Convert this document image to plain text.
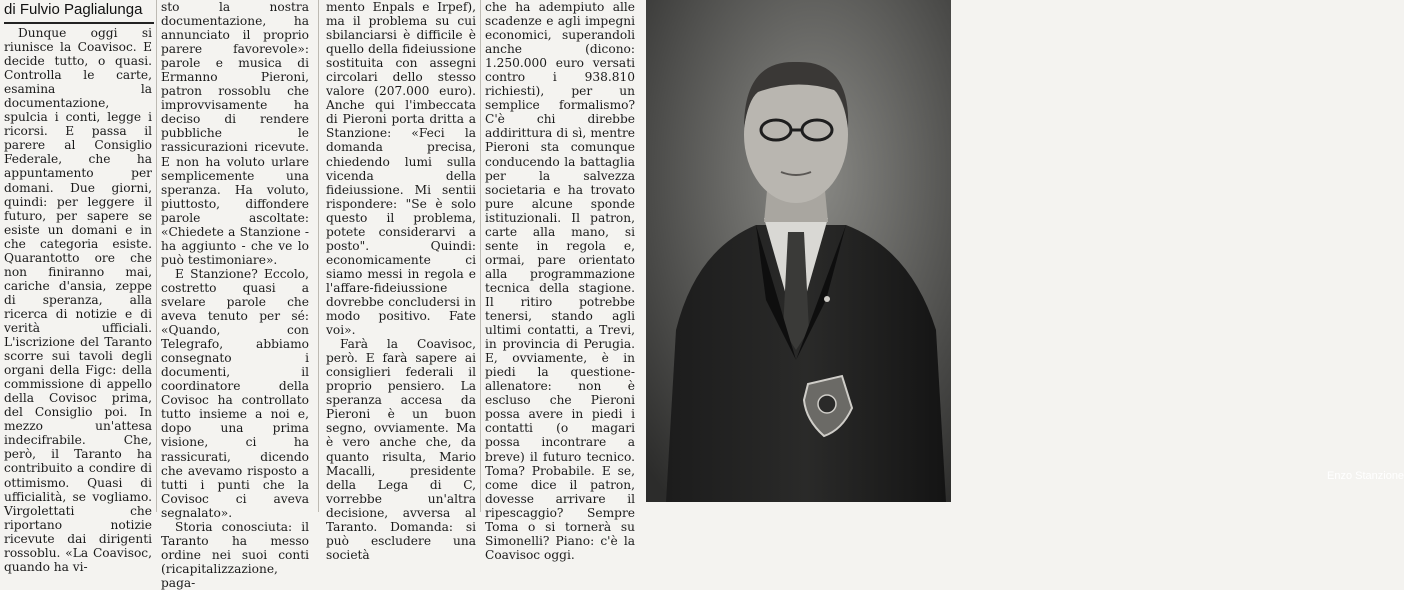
di Fulvio Paglialunga

Dunque oggi si riunisce la Coavisoc. E decide tutto, o quasi. Controlla le carte, esamina la documentazione, spulcia i conti, legge i ricorsi. E passa il parere al Consiglio Federale, che ha appuntamento per domani. Due giorni, quindi: per leggere il futuro, per sapere se esiste un domani e in che categoria esiste. Quarantotto ore che non finiranno mai, cariche d'ansia, zeppe di speranza, alla ricerca di notizie e di verità ufficiali. L'iscrizione del Taranto scorre sui tavoli degli organi della Figc: della commissione di appello della Covisoc prima, del Consiglio poi. In mezzo un'attesa indecifrabile. Che, però, il Taranto ha contribuito a condire di ottimismo. Quasi di ufficialità, se vogliamo. Virgolettati che riportano notizie ricevute dai dirigenti rossoblu. «La Coavisoc, quando ha vi-

sto la nostra documentazione, ha annunciato il proprio parere favorevole»: parole e musica di Ermanno Pieroni, patron rossoblu che improvvisamente ha deciso di rendere pubbliche le rassicurazioni ricevute. E non ha voluto urlare semplicemente una speranza. Ha voluto, piuttosto, diffondere parole ascoltate: «Chiedete a Stanzione - ha aggiunto - che ve lo può testimoniare».

E Stanzione? Eccolo, costretto quasi a svelare parole che aveva tenuto per sé: «Quando, con Telegrafo, abbiamo consegnato i documenti, il coordinatore della Covisoc ha controllato tutto insieme a noi e, dopo una prima visione, ci ha rassicurati, dicendo che avevamo risposto a tutti i punti che la Covisoc ci aveva segnalato».

Storia conosciuta: il Taranto ha messo ordine nei suoi conti (ricapitalizzazione, paga-

mento Enpals e Irpef), ma il problema su cui sbilanciarsi è difficile è quello della fideiussione sostituita con assegni circolari dello stesso valore (207.000 euro). Anche qui l'imbeccata di Pieroni porta dritta a Stanzione: «Feci la domanda precisa, chiedendo lumi sulla vicenda della fideiussione. Mi sentii rispondere: "Se è solo questo il problema, potete considerarvi a posto". Quindi: economicamente ci siamo messi in regola e l'affare-fideiussione dovrebbe concludersi in modo positivo. Fate voi».

Farà la Coavisoc, però. E farà sapere ai consiglieri federali il proprio pensiero. La speranza accesa da Pieroni è un buon segno, ovviamente. Ma è vero anche che, da quanto risulta, Mario Macalli, presidente della Lega di C, vorrebbe un'altra decisione, avversa al Taranto. Domanda: si può escludere una società

che ha adempiuto alle scadenze e agli impegni economici, superandoli anche (dicono: 1.250.000 euro versati contro i 938.810 richiesti), per un semplice formalismo? C'è chi direbbe addirittura di sì, mentre Pieroni sta comunque conducendo la battaglia per la salvezza societaria e ha trovato pure alcune sponde istituzionali. Il patron, carte alla mano, si sente in regola e, ormai, pare orientato alla programmazione tecnica della stagione. Il ritiro potrebbe tenersi, stando agli ultimi contatti, a Trevi, in provincia di Perugia. E, ovviamente, è in piedi la questione-allenatore: non è escluso che Pieroni possa avere in piedi i contatti (o magari possa incontrare a breve) il futuro tecnico. Toma? Probabile. E se, come dice il patron, dovesse arrivare il ripescaggio? Sempre Toma o si tornerà su Simonelli? Piano: c'è la Coavisoc oggi.

Enzo Stanzione
